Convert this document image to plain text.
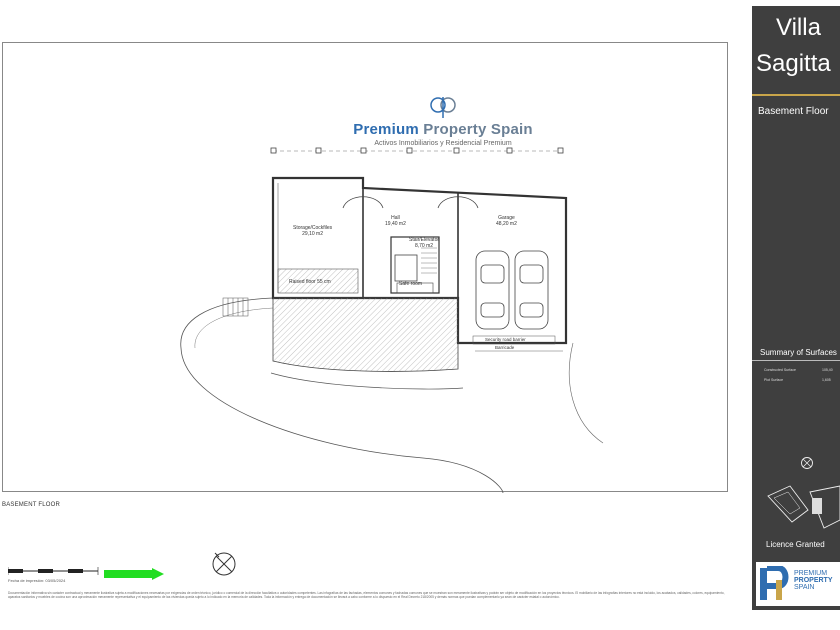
Premium Property Spain
Activos Inmobiliarios y Residencial Premium
Storage/Cockfiles
29,10 m2
Hall
19,40 m2
Garage
48,20 m2
Stair/Elevator
8,70 m2
Raised floor 55 cm	Safe room
Security road barrier
Barricade
BASEMENT FLOOR
Fecha de impresión: 03/05/2024
Documentación informativa sin carácter contractual y meramente ilustrativa sujeta a modificaciones necesarias por exigencias de orden técnico, jurídico o comercial de la dirección facultativa o autoridades competentes. Las infografías de las fachadas, elementos comunes y fachadas comunes que se muestran son meramente ilustrativas y podrán ser objeto de modificación en los proyectos técnicos. El mobiliario de las infografías interiores no está incluido, los acabados, calidades, colores, equipamiento, aparatos sanitarios y muebles de cocina son una aproximación meramente representativa y el equipamiento de las viviendas queda sujeto a lo indicado en la memoria de calidades. Toda la información y entrega de documentación se llevará a cabo conforme a lo dispuesto en el Real Decreto 218/2005 y demás normas que puedan complementarlo ya sean de carácter estatal o autonómico.
Villa
Sagitta
Basement Floor
Summary of Surfaces
Constructed Surface	105,40
Plot Surface	1,605
Licence Granted
PREMIUM
PROPERTY
SPAIN
